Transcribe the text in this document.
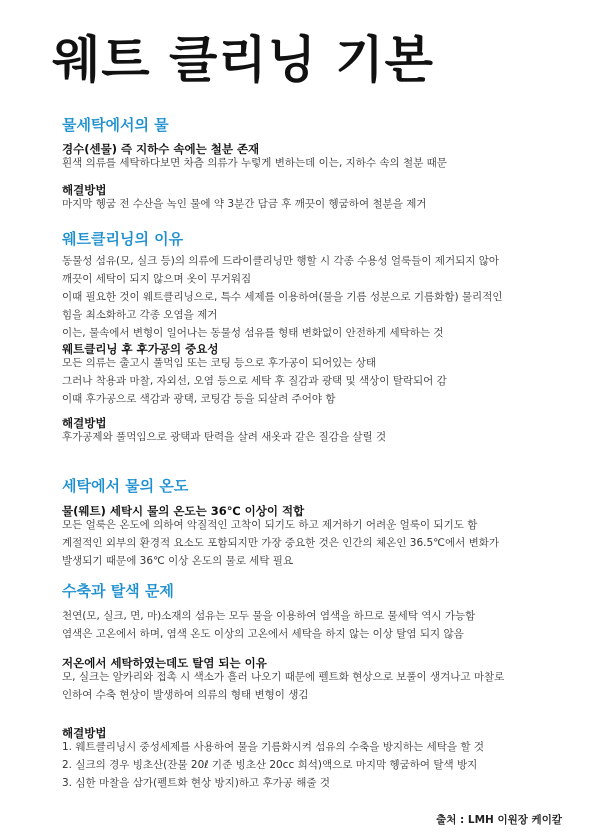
웨트 클리닝 기본
물세탁에서의 물
경수(센물) 즉 지하수 속에는 철분 존재
흰색 의류를 세탁하다보면 차츰 의류가 누렇게 변하는데 이는, 지하수 속의 철분 때문
해결방법
마지막 헹굼 전 수산을 녹인 물에 약 3분간 담금 후 깨끗이 헹굼하여 철분을 제거
웨트클리닝의 이유
동물성 섬유(모, 실크 등)의 의류에 드라이클리닝만 행할 시 각종 수용성 얼룩들이 제거되지 않아
깨끗이 세탁이 되지 않으며 옷이 무거워짐
이때 필요한 것이 웨트클리닝으로, 특수 세제를 이용하여(물을 기름 성분으로 기름화함) 물리적인
힘을 최소화하고 각종 오염을 제거
이는, 물속에서 변형이 일어나는 동물성 섬유를 형태 변화없이 안전하게 세탁하는 것
웨트클리닝 후 후가공의 중요성
모든 의류는 출고시 풀먹임 또는 코팅 등으로 후가공이 되어있는 상태
그러나 착용과 마찰, 자외선, 오염 등으로 세탁 후 질감과 광택 및 색상이 탈락되어 감
이때 후가공으로 색감과 광택, 코팅감 등을 되살려 주어야 함
해결방법
후가공제와 풀먹임으로 광택과 탄력을 살려 새옷과 같은 질감을 살릴 것
세탁에서 물의 온도
물(웨트) 세탁시 물의 온도는 36℃ 이상이 적합
모든 얼룩은 온도에 의하여 악질적인 고착이 되기도 하고 제거하기 어려운 얼룩이 되기도 함
계절적인 외부의 환경적 요소도 포함되지만 가장 중요한 것은 인간의 체온인 36.5℃에서 변화가
발생되기 때문에 36℃ 이상 온도의 물로 세탁 필요
수축과 탈색 문제
천연(모, 실크, 면, 마)소재의 섬유는 모두 물을 이용하여 염색을 하므로 물세탁 역시 가능함
염색은 고온에서 하며, 염색 온도 이상의 고온에서 세탁을 하지 않는 이상 탈염 되지 않음
저온에서 세탁하였는데도 탈염 되는 이유
모, 실크는 알카리와 접촉 시 색소가 흘러 나오기 때문에 펠트화 현상으로 보풀이 생겨나고 마찰로
인하여 수축 현상이 발생하여 의류의 형태 변형이 생김
해결방법
1. 웨트클리닝시 중성세제를 사용하여 물을 기름화시켜 섬유의 수축을 방지하는 세탁을 할 것
2. 실크의 경우 빙초산(잔물 20ℓ 기준 빙초산 20cc 희석)액으로 마지막 헹굼하여 탈색 방지
3. 심한 마찰을 삼가(펠트화 현상 방지)하고 후가공 해줄 것
출처 : LMH 이원장 케이칼
